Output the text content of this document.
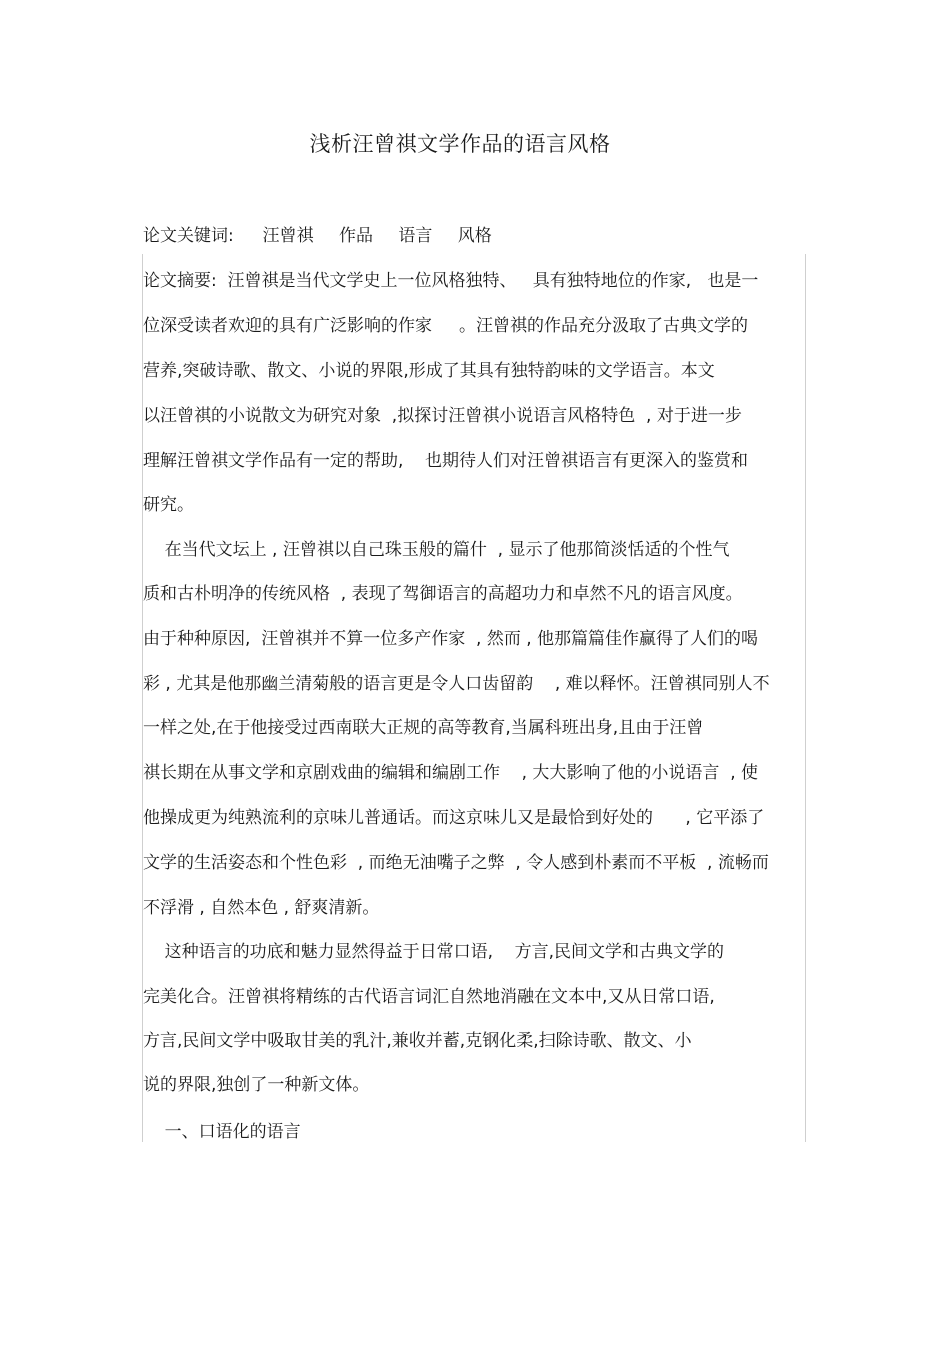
浅析汪曾祺文学作品的语言风格
论文关键词: 汪曾祺 作品 语言 风格
论文摘要:  汪曾祺是当代文学史上一位风格独特、   具有独特地位的作家,   也是一
位深受读者欢迎的具有广泛影响的作家     。汪曾祺的作品充分汲取了古典文学的
营养,突破诗歌、散文、小说的界限,形成了其具有独特韵味的文学语言。本文
以汪曾祺的小说散文为研究对象  ,拟探讨汪曾祺小说语言风格特色  , 对于进一步
理解汪曾祺文学作品有一定的帮助,    也期待人们对汪曾祺语言有更深入的鉴赏和
研究。
在当代文坛上 , 汪曾祺以自己珠玉般的篇什  , 显示了他那简淡恬适的个性气
质和古朴明净的传统风格  , 表现了驾御语言的高超功力和卓然不凡的语言风度。
由于种种原因,  汪曾祺并不算一位多产作家  , 然而 , 他那篇篇佳作赢得了人们的喝
彩 , 尤其是他那幽兰清菊般的语言更是令人口齿留韵    , 难以释怀。汪曾祺同别人不
一样之处,在于他接受过西南联大正规的高等教育,当属科班出身,且由于汪曾
祺长期在从事文学和京剧戏曲的编辑和编剧工作    , 大大影响了他的小说语言  , 使
他操成更为纯熟流利的京味儿普通话。而这京味儿又是最恰到好处的      , 它平添了
文学的生活姿态和个性色彩  , 而绝无油嘴子之弊  , 令人感到朴素而不平板  , 流畅而
不浮滑 , 自然本色 , 舒爽清新。
这种语言的功底和魅力显然得益于日常口语,    方言,民间文学和古典文学的
完美化合。汪曾祺将精练的古代语言词汇自然地消融在文本中,又从日常口语,
方言,民间文学中吸取甘美的乳汁,兼收并蓄,克钢化柔,扫除诗歌、散文、小
说的界限,独创了一种新文体。
一、口语化的语言
